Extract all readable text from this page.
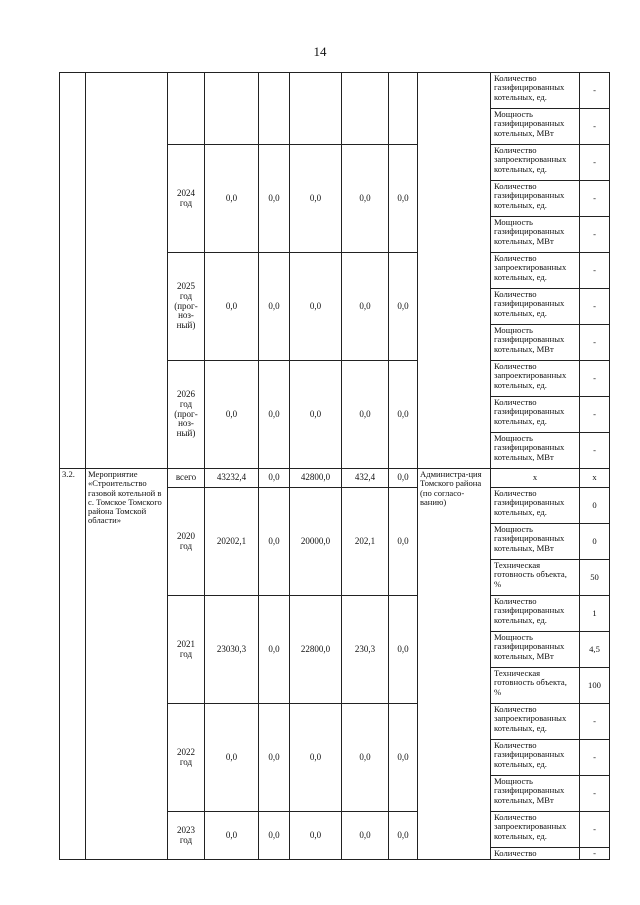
14
									Количество газифицированных котельных, ед.	-
									Мощность газифицированных котельных, МВт	-
		2024 год	0,0	0,0	0,0	0,0	0,0		Количество запроектированных котельных, ед.	-
									Количество газифицированных котельных, ед.	-
									Мощность газифицированных котельных, МВт	-
		2025 год (прог-ноз-ный)	0,0	0,0	0,0	0,0	0,0		Количество запроектированных котельных, ед.	-
									Количество газифицированных котельных, ед.	-
									Мощность газифицированных котельных, МВт	-
		2026 год (прог-ноз-ный)	0,0	0,0	0,0	0,0	0,0		Количество запроектированных котельных, ед.	-
									Количество газифицированных котельных, ед.	-
									Мощность газифицированных котельных, МВт	-
3.2.	Мероприятие «Строительство газовой котельной в с. Томское Томского района Томской области»	всего	43232,4	0,0	42800,0	432,4	0,0	Администра-ция Томского района (по согласо-ванию)	x	x
		2020 год	20202,1	0,0	20000,0	202,1	0,0		Количество газифицированных котельных, ед.	0
									Мощность газифицированных котельных, МВт	0
									Техническая готовность объекта, %	50
		2021 год	23030,3	0,0	22800,0	230,3	0,0		Количество газифицированных котельных, ед.	1
									Мощность газифицированных котельных, МВт	4,5
									Техническая готовность объекта, %	100
		2022 год	0,0	0,0	0,0	0,0	0,0		Количество запроектированных котельных, ед.	-
									Количество газифицированных котельных, ед.	-
									Мощность газифицированных котельных, МВт	-
		2023 год	0,0	0,0	0,0	0,0	0,0		Количество запроектированных котельных, ед.	-
									Количество	-
